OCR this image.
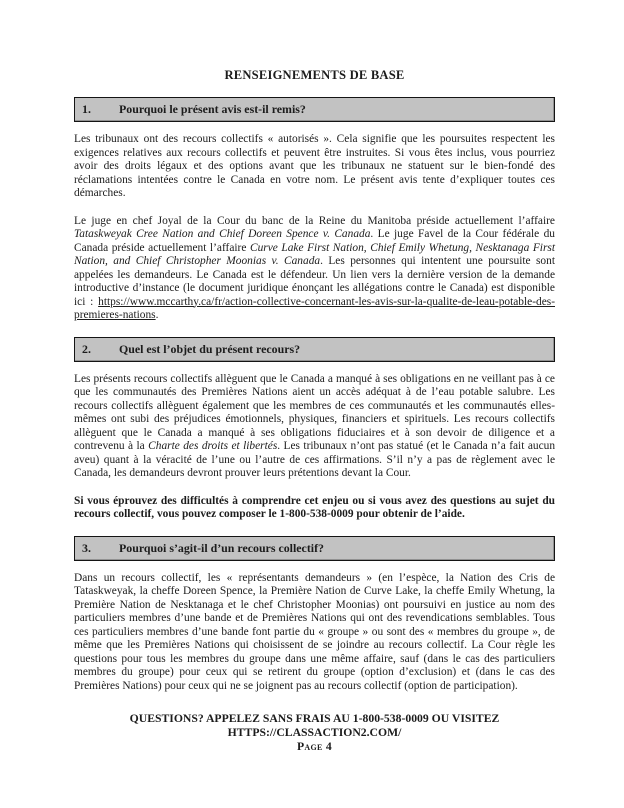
RENSEIGNEMENTS DE BASE
1.	Pourquoi le présent avis est-il remis?

Les tribunaux ont des recours collectifs « autorisés ». Cela signifie que les poursuites respectent les exigences relatives aux recours collectifs et peuvent être instruites. Si vous êtes inclus, vous pourriez avoir des droits légaux et des options avant que les tribunaux ne statuent sur le bien-fondé des réclamations intentées contre le Canada en votre nom. Le présent avis tente d’expliquer toutes ces démarches.

Le juge en chef Joyal de la Cour du banc de la Reine du Manitoba préside actuellement l’affaire Tataskweyak Cree Nation and Chief Doreen Spence v. Canada. Le juge Favel de la Cour fédérale du Canada préside actuellement l’affaire Curve Lake First Nation, Chief Emily Whetung, Nesktanaga First Nation, and Chief Christopher Moonias v. Canada. Les personnes qui intentent une poursuite sont appelées les demandeurs. Le Canada est le défendeur. Un lien vers la dernière version de la demande introductive d’instance (le document juridique énonçant les allégations contre le Canada) est disponible ici : https://www.mccarthy.ca/fr/action-collective-concernant-les-avis-sur-la-qualite-de-leau-potable-des-premieres-nations.

2.	Quel est l’objet du présent recours?

Les présents recours collectifs allèguent que le Canada a manqué à ses obligations en ne veillant pas à ce que les communautés des Premières Nations aient un accès adéquat à de l’eau potable salubre. Les recours collectifs allèguent également que les membres de ces communautés et les communautés elles-mêmes ont subi des préjudices émotionnels, physiques, financiers et spirituels. Les recours collectifs allèguent que le Canada a manqué à ses obligations fiduciaires et à son devoir de diligence et a contrevenu à la Charte des droits et libertés. Les tribunaux n’ont pas statué (et le Canada n’a fait aucun aveu) quant à la véracité de l’une ou l’autre de ces affirmations. S’il n’y a pas de règlement avec le Canada, les demandeurs devront prouver leurs prétentions devant la Cour.

Si vous éprouvez des difficultés à comprendre cet enjeu ou si vous avez des questions au sujet du recours collectif, vous pouvez composer le 1-800-538-0009 pour obtenir de l’aide.

3.	Pourquoi s’agit-il d’un recours collectif?

Dans un recours collectif, les « représentants demandeurs » (en l’espèce, la Nation des Cris de Tataskweyak, la cheffe Doreen Spence, la Première Nation de Curve Lake, la cheffe Emily Whetung, la Première Nation de Nesktanaga et le chef Christopher Moonias) ont poursuivi en justice au nom des particuliers membres d’une bande et de Premières Nations qui ont des revendications semblables. Tous ces particuliers membres d’une bande font partie du « groupe » ou sont des « membres du groupe », de même que les Premières Nations qui choisissent de se joindre au recours collectif. La Cour règle les questions pour tous les membres du groupe dans une même affaire, sauf (dans le cas des particuliers membres du groupe) pour ceux qui se retirent du groupe (option d’exclusion) et (dans le cas des Premières Nations) pour ceux qui ne se joignent pas au recours collectif (option de participation).

QUESTIONS? APPELEZ SANS FRAIS AU 1-800-538-0009 OU VISITEZ
HTTPS://CLASSACTION2.COM/
Page 4
